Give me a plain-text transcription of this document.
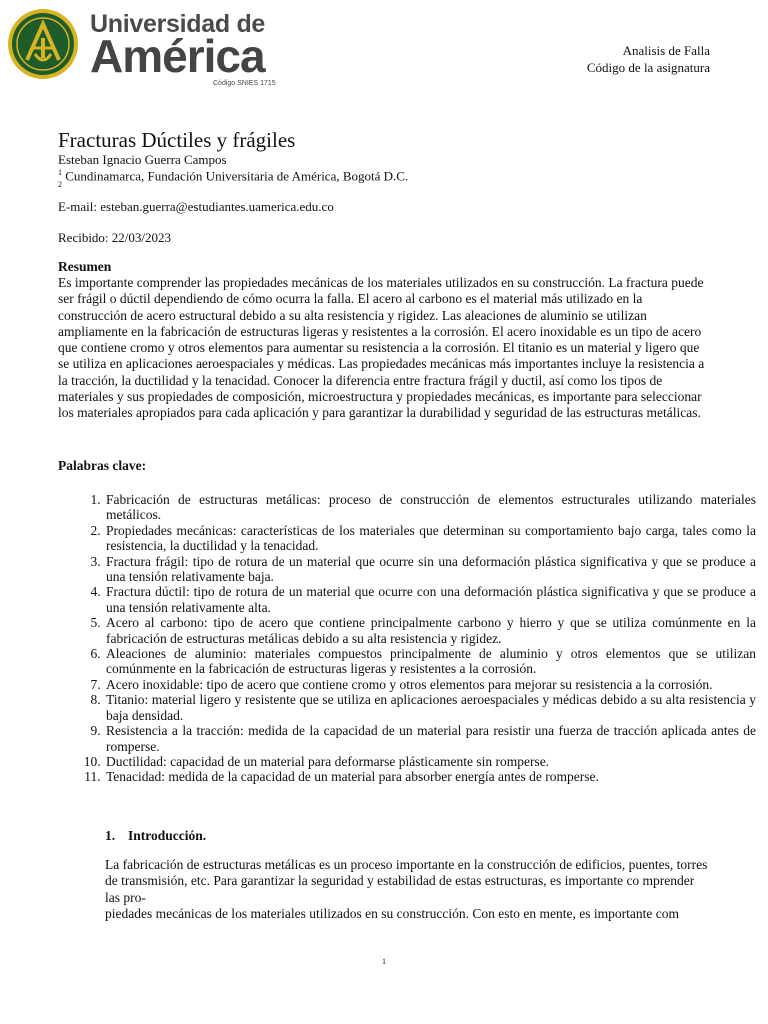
Universidad de
América
Código SNIES 1715
Analisis de Falla
Código de la asignatura
Fracturas Dúctiles y frágiles
Esteban Ignacio Guerra Campos
$^1$ Cundinamarca, Fundación Universitaria de América, Bogotá D.C.
2
E-mail: esteban.guerra@estudiantes.uamerica.edu.co
Recibido: 22/03/2023
Resumen
Es importante comprender las propiedades mecánicas de los materiales utilizados en su construcción. La fractura puede ser frágil o dúctil dependiendo de cómo ocurra la falla. El acero al carbono es el material más utilizado en la construcción de acero estructural debido a su alta resistencia y rigidez. Las aleaciones de aluminio se utilizan ampliamente en la fabricación de estructuras ligeras y resistentes a la corrosión. El acero inoxidable es un tipo de acero que contiene cromo y otros elementos para aumentar su resistencia a la corrosión. El titanio es un material y ligero que se utiliza en aplicaciones aeroespaciales y médicas. Las propiedades mecánicas más importantes incluye la resistencia a la tracción, la ductilidad y la tenacidad. Conocer la diferencia entre fractura frágil y ductil, así como los tipos de materiales y sus propiedades de composición, microestructura y propiedades mecánicas, es importante para seleccionar los materiales apropiados para cada aplicación y para garantizar la durabilidad y seguridad de las estructuras metálicas.
Palabras clave:
1. Fabricación de estructuras metálicas: proceso de construcción de elementos estructurales utilizando materiales metálicos.
2. Propiedades mecánicas: características de los materiales que determinan su comportamiento bajo carga, tales como la resistencia, la ductilidad y la tenacidad.
3. Fractura frágil: tipo de rotura de un material que ocurre sin una deformación plástica significativa y que se produce a una tensión relativamente baja.
4. Fractura dúctil: tipo de rotura de un material que ocurre con una deformación plástica significativa y que se produce a una tensión relativamente alta.
5. Acero al carbono: tipo de acero que contiene principalmente carbono y hierro y que se utiliza comúnmente en la fabricación de estructuras metálicas debido a su alta resistencia y rigidez.
6. Aleaciones de aluminio: materiales compuestos principalmente de aluminio y otros elementos que se utilizan comúnmente en la fabricación de estructuras ligeras y resistentes a la corrosión.
7. Acero inoxidable: tipo de acero que contiene cromo y otros elementos para mejorar su resistencia a la corrosión.
8. Titanio: material ligero y resistente que se utiliza en aplicaciones aeroespaciales y médicas debido a su alta resistencia y baja densidad.
9. Resistencia a la tracción: medida de la capacidad de un material para resistir una fuerza de tracción aplicada antes de romperse.
10. Ductilidad: capacidad de un material para deformarse plásticamente sin romperse.
11. Tenacidad: medida de la capacidad de un material para absorber energía antes de romperse.
1. Introducción.

La fabricación de estructuras metálicas es un proceso importante en la construcción de edificios, puentes, torres de transmisión, etc. Para garantizar la seguridad y estabilidad de estas estructuras, es importante co mprender las pro-

piedades mecánicas de los materiales utilizados en su construcción. Con esto en mente, es importante com

1
